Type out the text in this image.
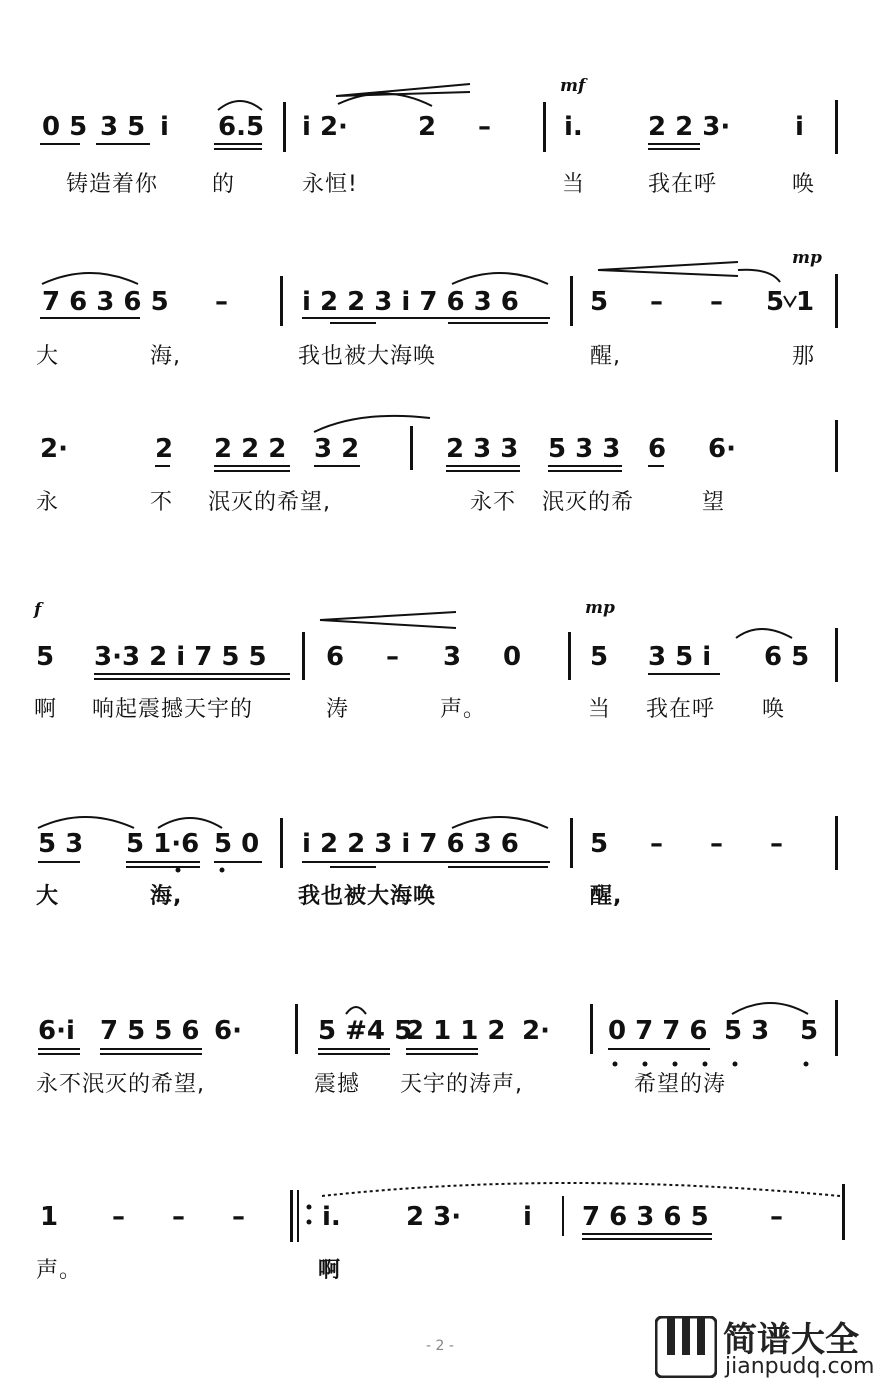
0 5 3 5 i 6.5 i 2·	2 –	i.	2 2 3· i
mf
铸造着你 的	永恒!	当	我在呼	唤
7 6 3 6 5 –	i 2 2 3 i 7 6 3 6	5 – – 5 1
mp
大	海,	我也被大海唤	醒,	那
2·	2 2 2 2 3 2	2 3 3 5 3 3 6 6·
永	不 泯灭的希望,	永不 泯灭的希	望
f	mp
5 3·3 2 i 7 5 5 6 – 3 0	5 3 5 i 6 5
啊 响起震撼天宇的	涛	声。	当 我在呼 唤
5 3 5 1·6 5 0 i 2 2 3 i 7 6 3 6	5 – – –
大	海,	我也被大海唤	醒,
6·i 7 5 5 6 6·	5 #4 5
2 1 1 2 2· 0 7 7 6 5 3 5
永不泯灭的希望,	震撼 天宇的涛声,	希望的涛
1 – – –	i.	2 3· i 7 6 3 6 5 –
声。	啊
- 2 -	简谱大全
jianpudq.com
